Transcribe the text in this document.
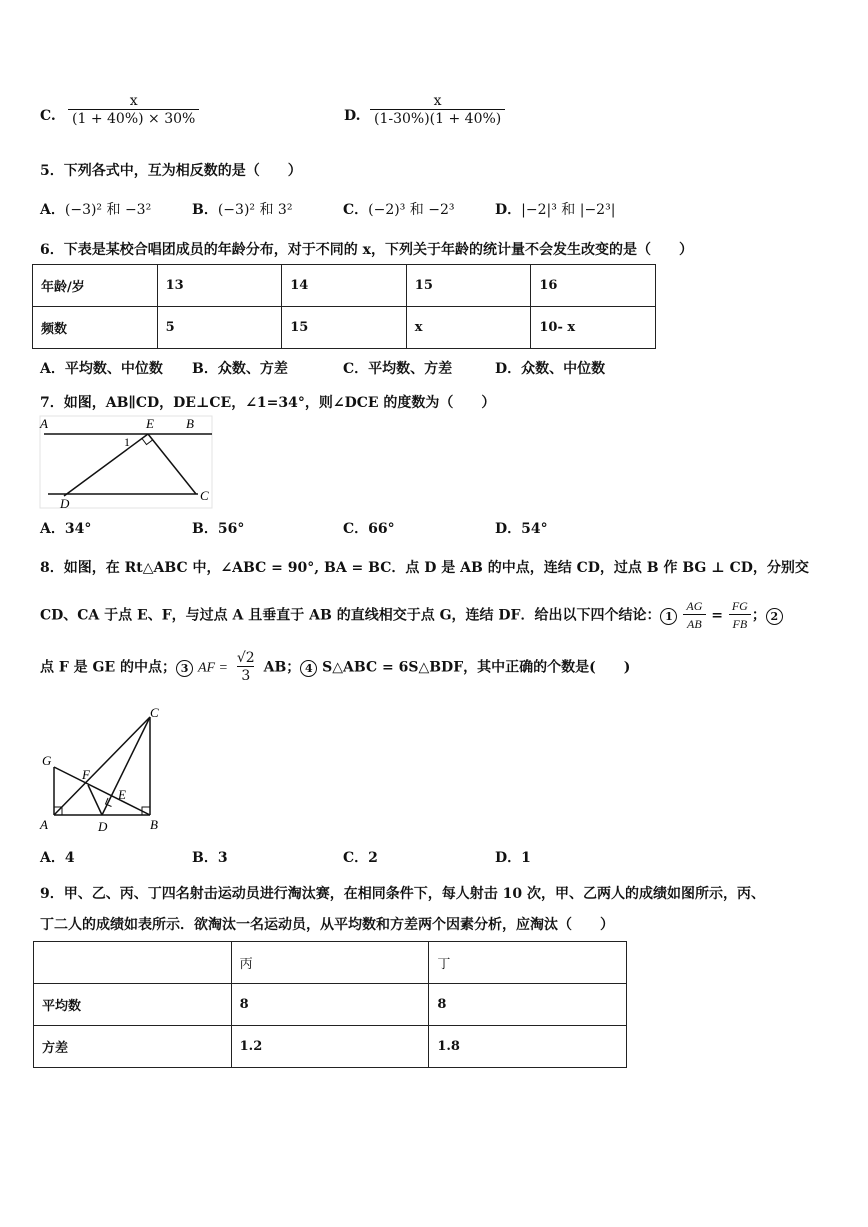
C. $\frac{x}{(1 + 40\%) \times 30\%}$	D. $\frac{x}{(1-30\%)(1 + 40\%)}$
5．下列各式中，互为相反数的是（　　）
A．(−3)² 和 −3²	B．(−3)² 和 3²	C．(−2)³ 和 −2³	D．|−2|³ 和 |−2³|
6．下表是某校合唱团成员的年龄分布，对于不同的 x，下列关于年龄的统计量不会发生改变的是（　　）
年龄/岁	13	14	15	16
频数	5	15	x	10- x
A．平均数、中位数 B．众数、方差	C．平均数、方差	D．众数、中位数
7．如图，AB∥CD，DE⊥CE，∠1=34°，则∠DCE 的度数为（　　）
A	E B
1
D
C
A．34°	B．56°	C．66°	D．54°
8．如图，在 Rt△ABC 中，∠ABC = 90°, BA = BC．点 D 是 AB 的中点，连结 CD，过点 B 作 BG ⊥ CD，分别交
CD、CA 于点 E、F，与过点 A 且垂直于 AB 的直线相交于点 G，连结 DF．给出以下四个结论： $1 \frac{AG}{AB} = \frac{FG}{FB}$ ； 2
点 F 是 GE 的中点； 3 AF = $\frac{√2}{3}$ AB； 4 S△ABC = 6S△BDF，其中正确的个数是(　　)
C
G
F
E
A	D	B
A．4	B．3	C．2	D．1
9．甲、乙、丙、丁四名射击运动员进行淘汰赛，在相同条件下，每人射击 10 次，甲、乙两人的成绩如图所示，丙、
丁二人的成绩如表所示．欲淘汰一名运动员，从平均数和方差两个因素分析，应淘汰（　　）
	丙	丁
平均数	8	8
方差	1.2	1.8
